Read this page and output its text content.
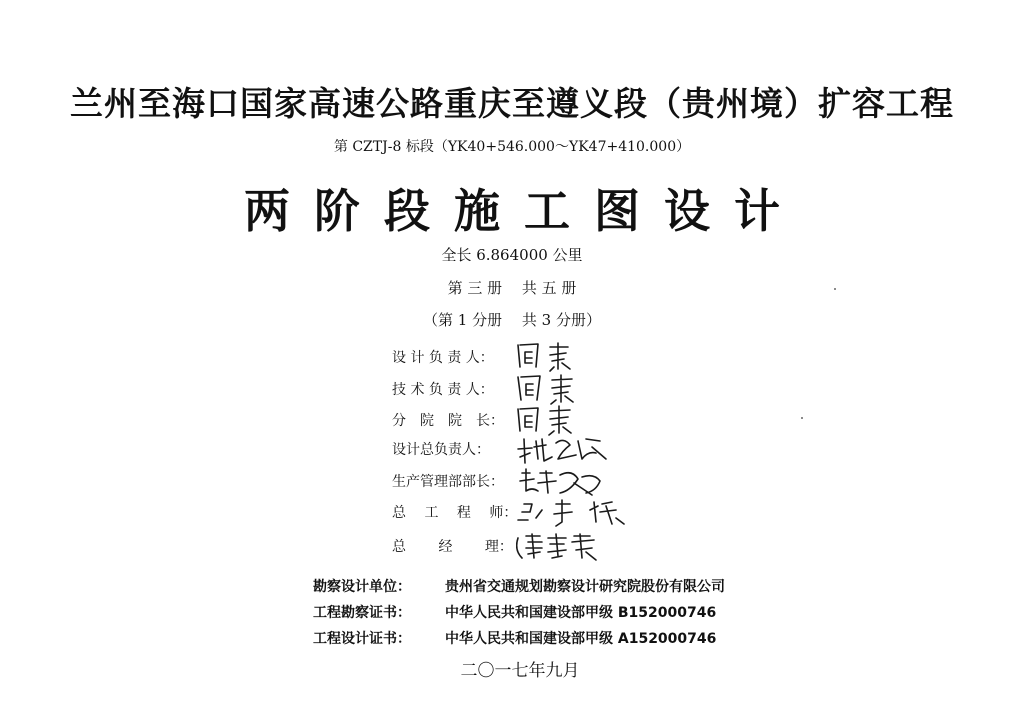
兰州至海口国家高速公路重庆至遵义段（贵州境）扩容工程
第 CZTJ-8 标段（YK40+546.000～YK47+410.000）
两阶段施工图设计
全长 6.864000 公里
第 三 册　 共 五 册
（第 1 分册　 共 3 分册）
设 计 负 责 人：
技 术 负 责 人：
分　院　院　长：
设计总负责人：
生产管理部部长：
总　 工　 程　 师：
总　　 经　　 理：
勘察设计单位：	贵州省交通规划勘察设计研究院股份有限公司
工程勘察证书：	中华人民共和国建设部甲级 B152000746
工程设计证书：	中华人民共和国建设部甲级 A152000746
二〇一七年九月
